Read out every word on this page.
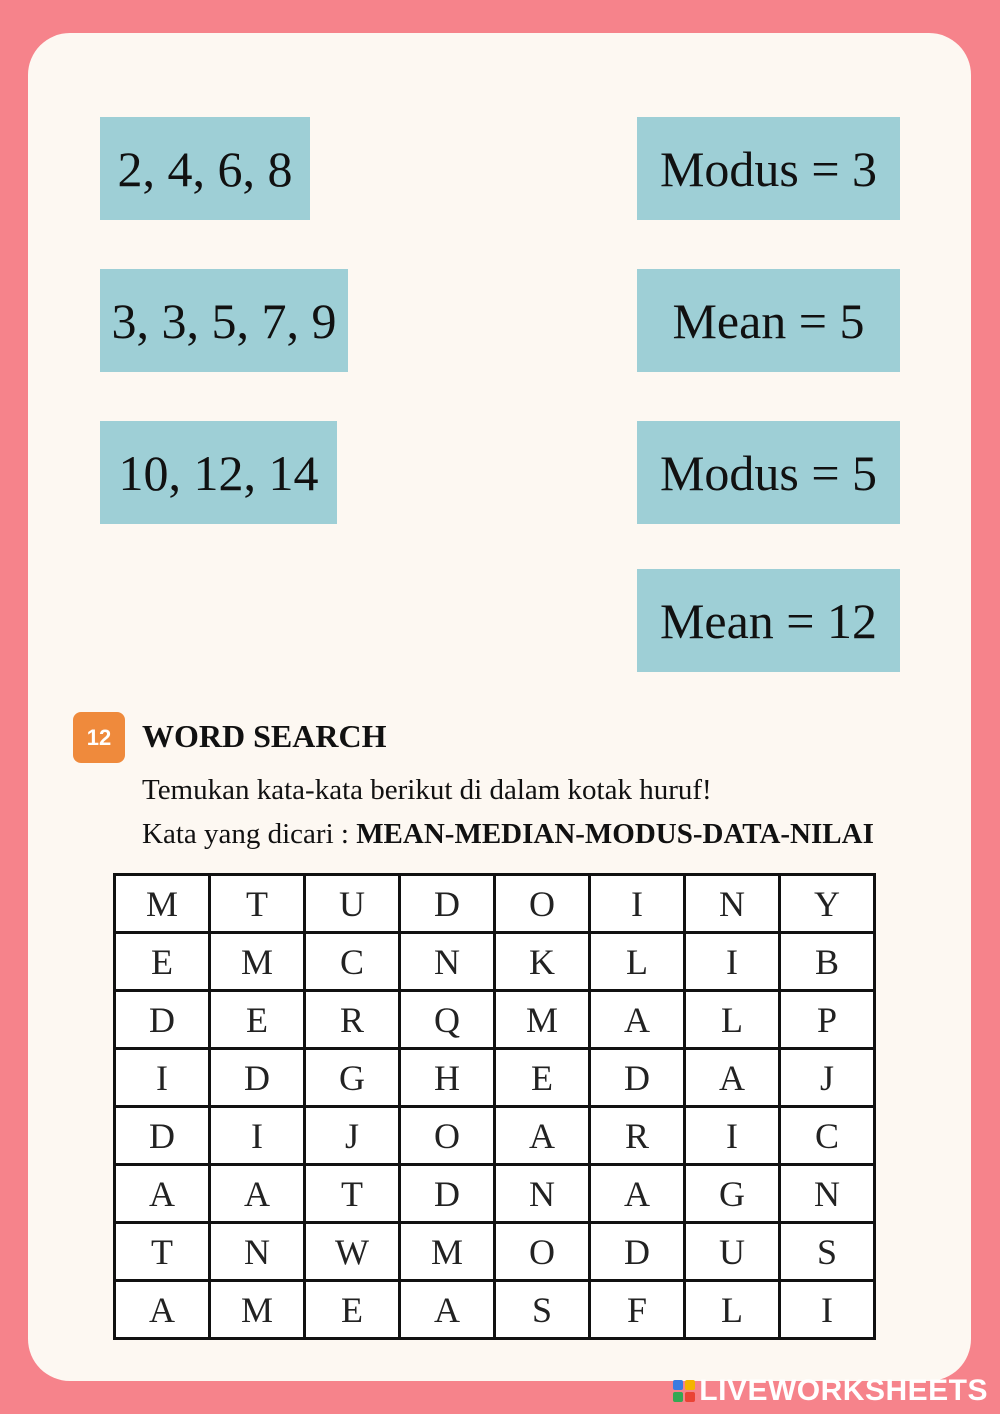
2, 4, 6, 8
3, 3, 5, 7, 9
10, 12, 14
Modus = 3
Mean = 5
Modus = 5
Mean = 12
12 WORD SEARCH
Temukan kata-kata berikut di dalam kotak huruf!
Kata yang dicari : MEAN-MEDIAN-MODUS-DATA-NILAI
M	T	U	D	O	I	N	Y
E	M	C	N	K	L	I	B
D	E	R	Q	M	A	L	P
I	D	G	H	E	D	A	J
D	I	J	O	A	R	I	C
A	A	T	D	N	A	G	N
T	N	W	M	O	D	U	S
A	M	E	A	S	F	L	I
LIVEWORKSHEETS
